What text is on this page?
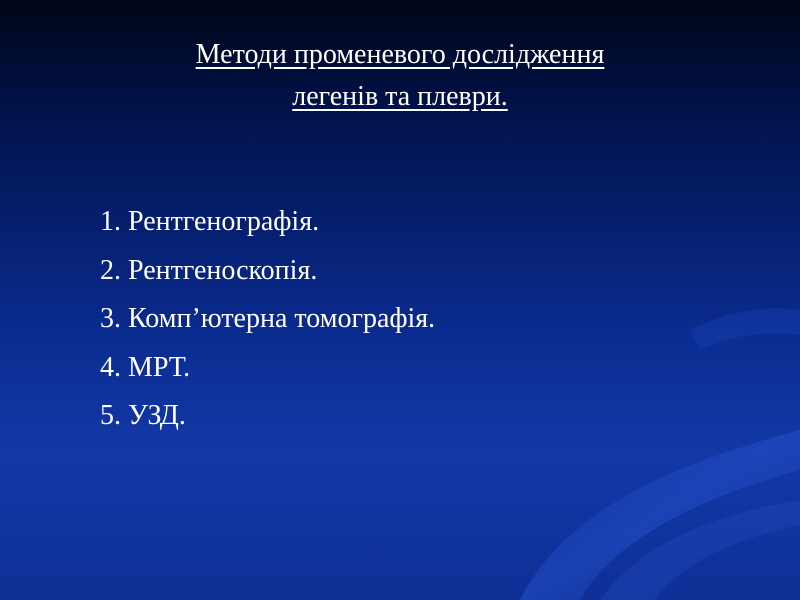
Методи променевого дослідження
легенів та плеври.
1. Рентгенографія.
2. Рентгеноскопія.
3. Комп’ютерна томографія.
4. МРТ.
5. УЗД.
